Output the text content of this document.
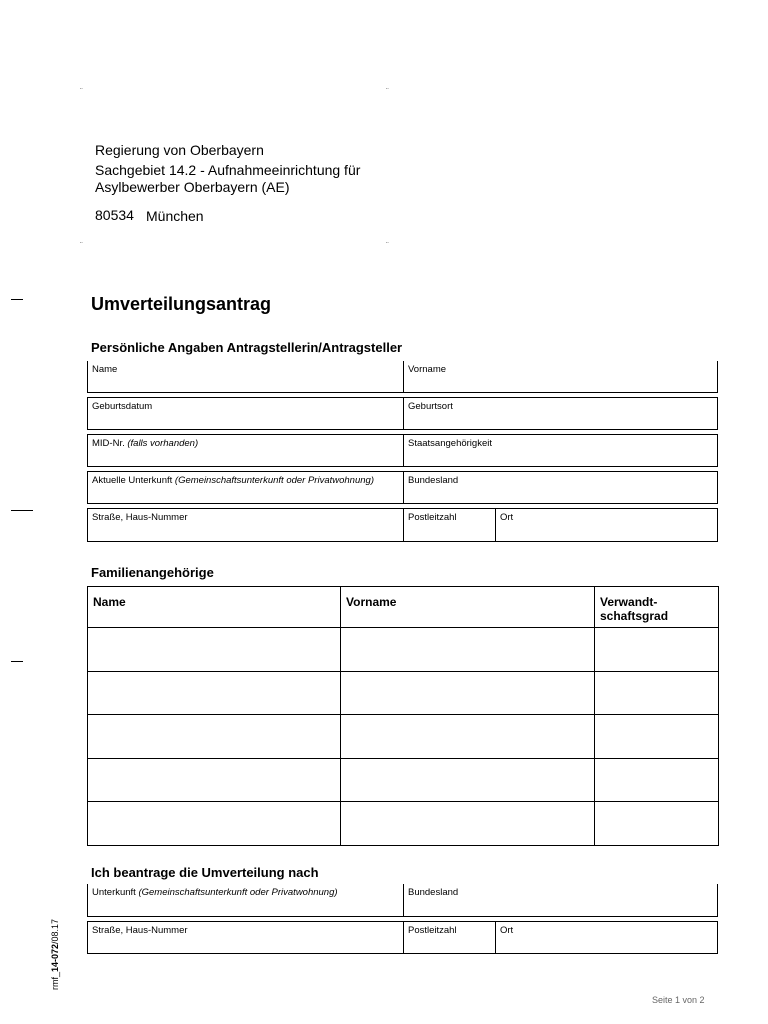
¨	¨
¨	¨
Regierung von Oberbayern
Sachgebiet 14.2 - Aufnahmeeinrichtung für
Asylbewerber Oberbayern (AE)
80534 München
Umverteilungsantrag
Persönliche Angaben Antragstellerin/Antragsteller
Name	Vorname
Geburtsdatum	Geburtsort
MID-Nr. (falls vorhanden)	Staatsangehörigkeit
Aktuelle Unterkunft (Gemeinschaftsunterkunft oder Privatwohnung)	Bundesland
Straße, Haus-Nummer	Postleitzahl	Ort
Familienangehörige
Name	Vorname	Verwandt-
schaftsgrad

Ich beantrage die Umverteilung nach
Unterkunft (Gemeinschaftsunterkunft oder Privatwohnung)	Bundesland
Straße, Haus-Nummer	Postleitzahl	Ort
rmf_14-072/08.17
Seite 1 von 2
